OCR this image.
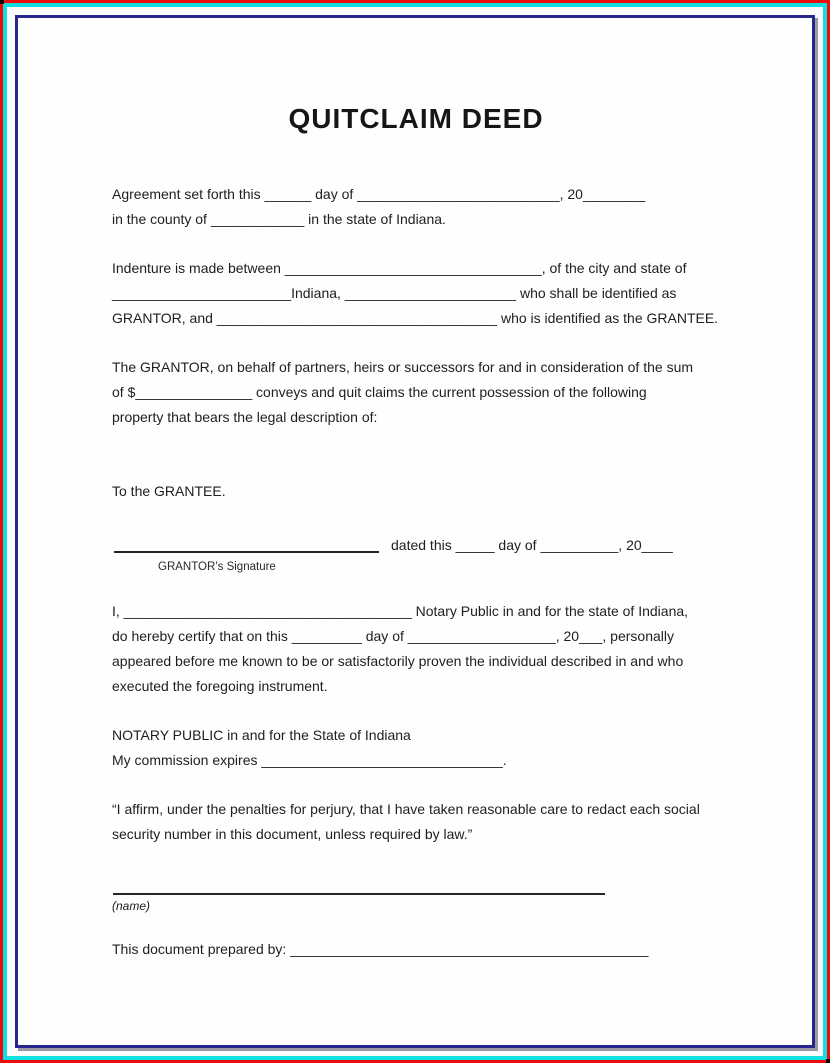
QUITCLAIM DEED
Agreement set forth this ______ day of __________________________, 20________
in the county of ____________ in the state of Indiana.
Indenture is made between _________________________________, of the city and state of
_______________________Indiana, ______________________ who shall be identified as
GRANTOR, and ____________________________________ who is identified as the GRANTEE.
The GRANTOR, on behalf of partners, heirs or successors for and in consideration of the sum
of $_______________ conveys and quit claims the current possession of the following
property that bears the legal description of:
To the GRANTEE.
dated this _____ day of __________, 20____
GRANTOR’s Signature
I, _____________________________________ Notary Public in and for the state of Indiana,
do hereby certify that on this _________ day of ___________________, 20___, personally
appeared before me known to be or satisfactorily proven the individual described in and who
executed the foregoing instrument.
NOTARY PUBLIC in and for the State of Indiana
My commission expires _______________________________.
“I affirm, under the penalties for perjury, that I have taken reasonable care to redact each social
security number in this document, unless required by law.”
(name)
This document prepared by: ______________________________________________
